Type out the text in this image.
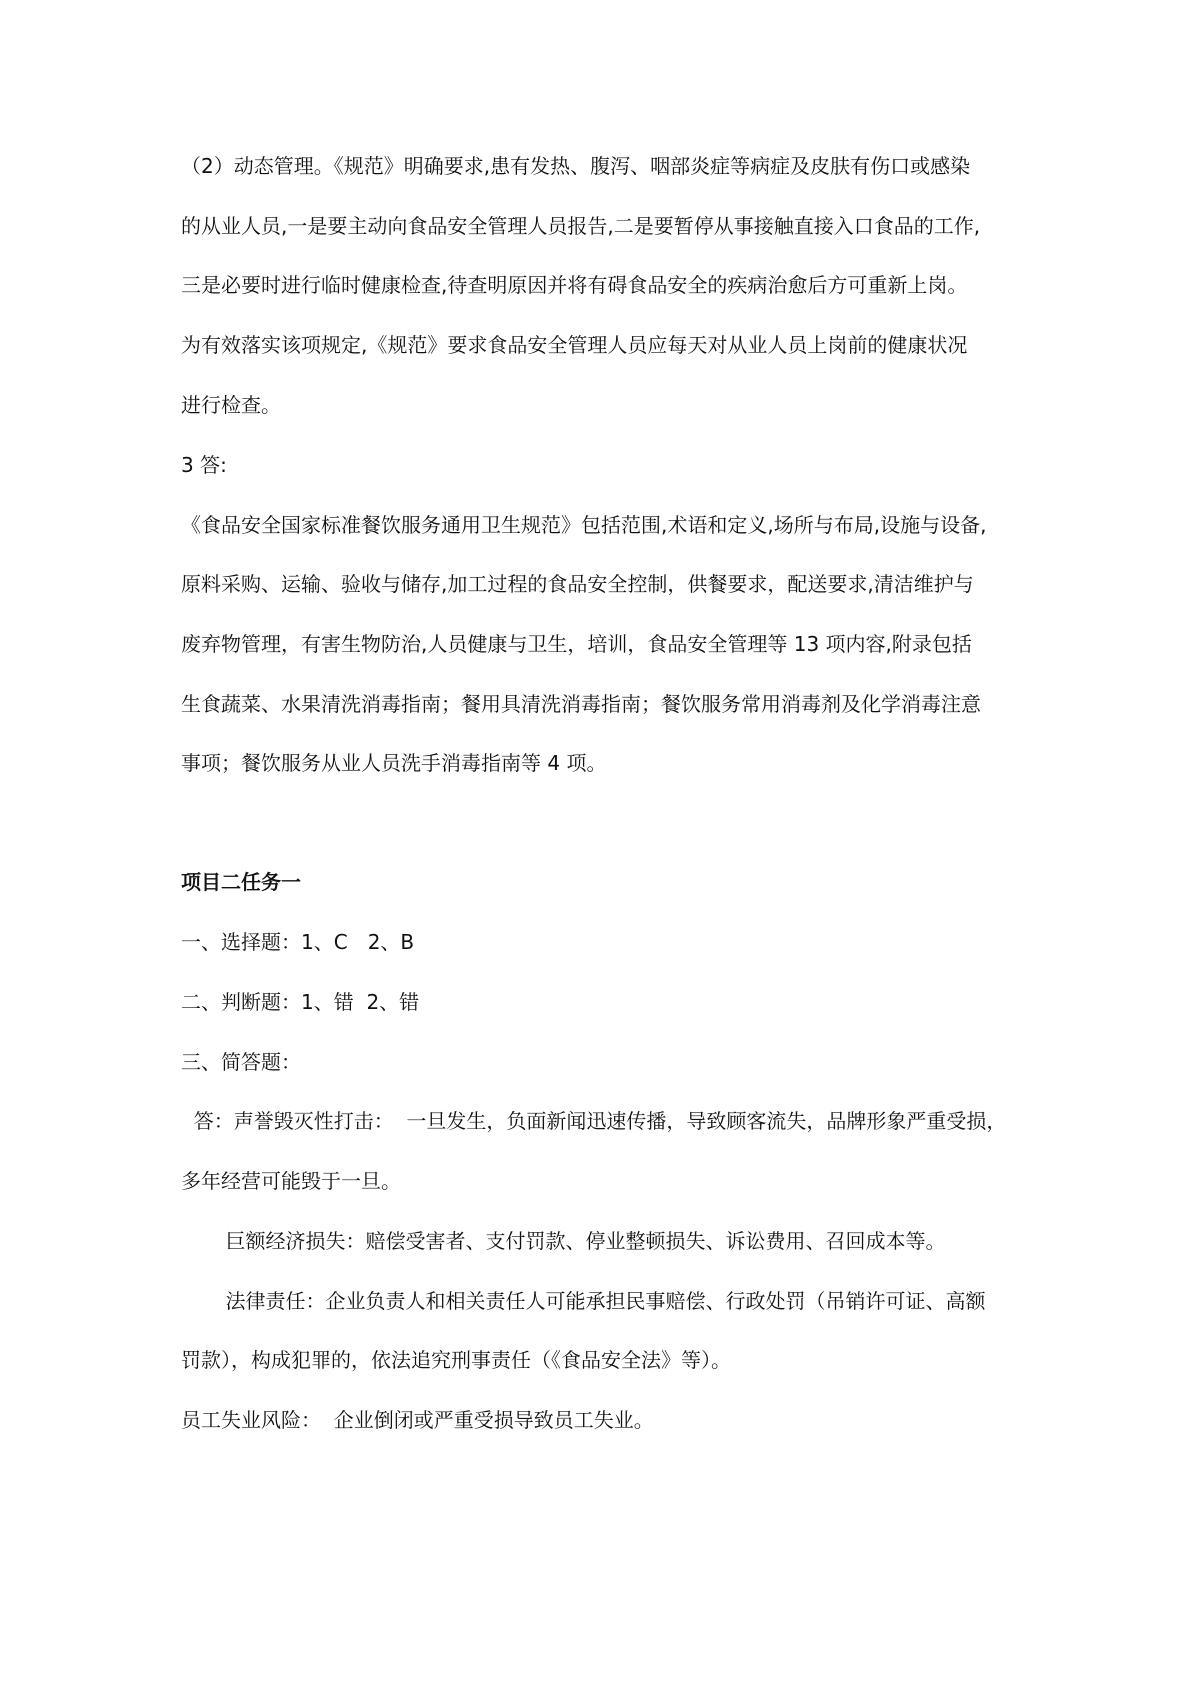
（2）动态管理。《规范》明确要求,患有发热、腹泻、咽部炎症等病症及皮肤有伤口或感染
的从业人员,一是要主动向食品安全管理人员报告,二是要暂停从事接触直接入口食品的工作,
三是必要时进行临时健康检查,待查明原因并将有碍食品安全的疾病治愈后方可重新上岗。
为有效落实该项规定,《规范》要求食品安全管理人员应每天对从业人员上岗前的健康状况
进行检查。
3 答:
《食品安全国家标准餐饮服务通用卫生规范》包括范围,术语和定义,场所与布局,设施与设备,
原料采购、运输、验收与储存,加工过程的食品安全控制，供餐要求，配送要求,清洁维护与
废弃物管理，有害生物防治,人员健康与卫生，培训，食品安全管理等 13 项内容,附录包括
生食蔬菜、水果清洗消毒指南；餐用具清洗消毒指南；餐饮服务常用消毒剂及化学消毒注意
事项；餐饮服务从业人员洗手消毒指南等 4 项。
项目二任务一
一、选择题：1、C　2、B
二、判断题：1、错  2、错
三、简答题：
答：声誉毁灭性打击：  一旦发生，负面新闻迅速传播，导致顾客流失，品牌形象严重受损，
多年经营可能毁于一旦。
巨额经济损失：赔偿受害者、支付罚款、停业整顿损失、诉讼费用、召回成本等。
法律责任：企业负责人和相关责任人可能承担民事赔偿、行政处罚（吊销许可证、高额
罚款），构成犯罪的，依法追究刑事责任（《食品安全法》等）。
员工失业风险：  企业倒闭或严重受损导致员工失业。
